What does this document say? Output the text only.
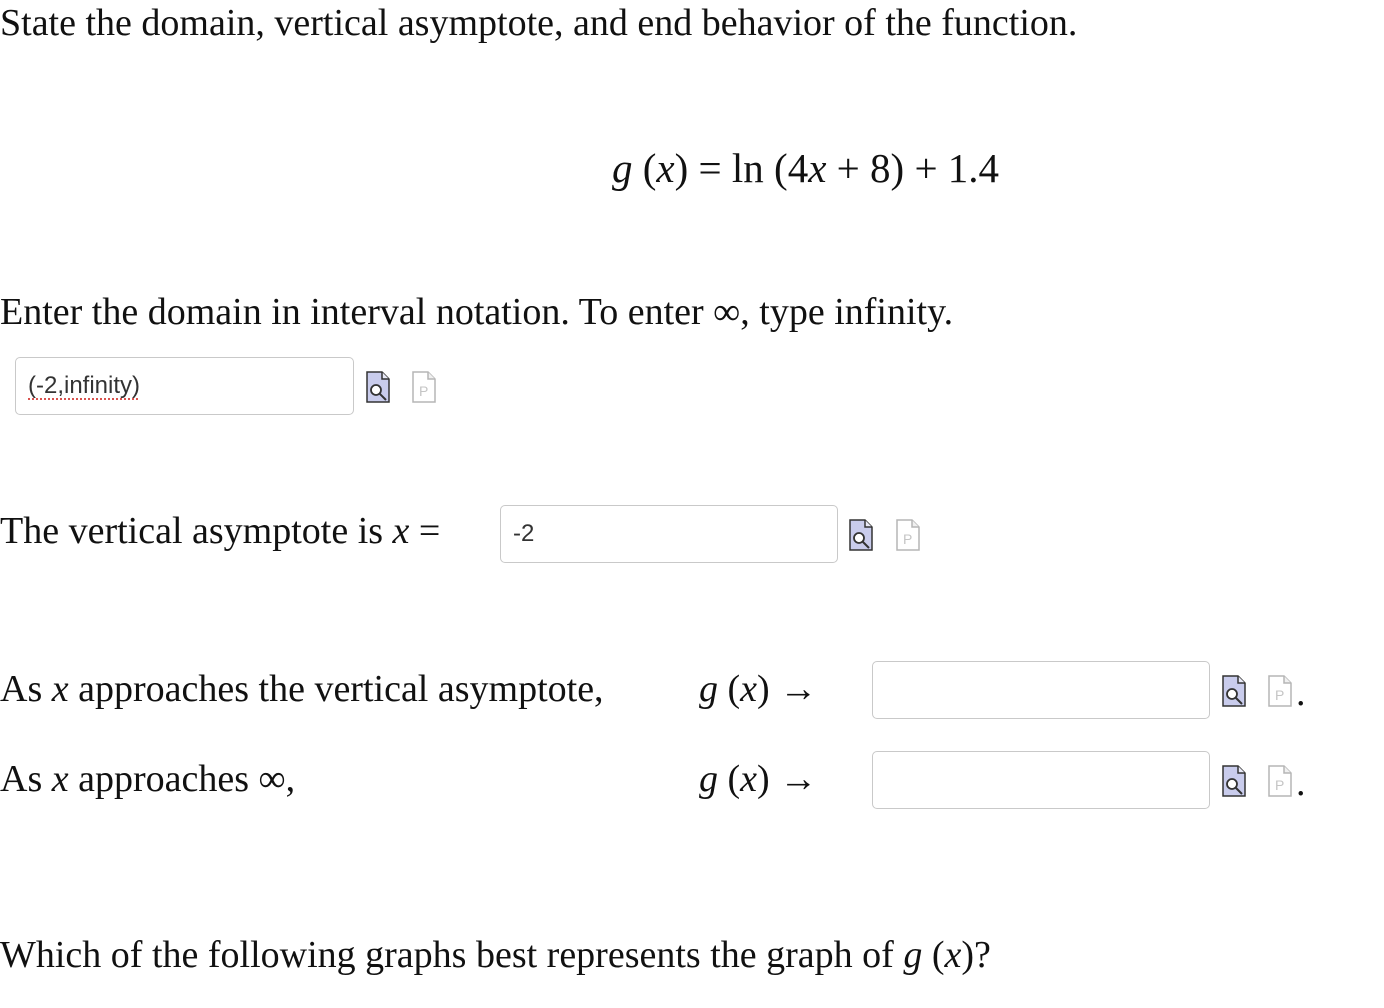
State the domain, vertical asymptote, and end behavior of the function.
g (x) = ln (4x + 8) + 1.4
Enter the domain in interval notation. To enter ∞, type infinity.
(-2,infinity)
P
The vertical asymptote is x =
-2	P
As x approaches the vertical asymptote,	g (x) →	P .
As x approaches ∞,	g (x) →	P .
Which of the following graphs best represents the graph of g (x)?
